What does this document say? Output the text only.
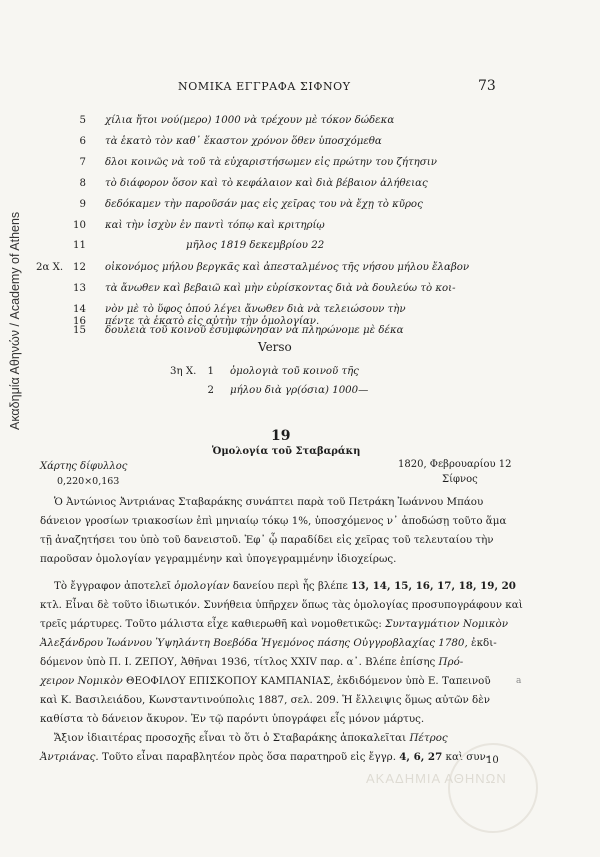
Ακαδημία Αθηνών / Academy of Athens
ΝΟΜΙΚΑ ΕΓΓΡΑΦΑ ΣΙΦΝΟΥ	73
5 χίλια ἤτοι νού(μερο) 1000 νὰ τρέχουν μὲ τόκον δώδεκα
6 τὰ ἑκατὸ τὸν καθ᾽ ἕκαστον χρόνον ὅθεν ὑποσχόμεθα
7 δλοι κοινῶς νὰ τοῦ τὰ εὐχαριστήσωμεν εἰς πρώτην του ζήτησιν
8 τὸ διάφορον ὅσον καὶ τὸ κεφάλαιον καὶ διὰ βέβαιον ἀλήθειας
9 δεδόκαμεν τὴν παροῦσάν μας εἰς χεῖρας του νὰ ἔχῃ τὸ κῦρος
10 καὶ τὴν ἰσχὺν ἐν παντὶ τόπῳ καὶ κριτηρίῳ
11	μῆλος 1819 δεκεμβρίου 22
2α Χ. 12 οἰκονόμος μήλου βεργκᾶς καὶ ἀπεσταλμένος τῆς νήσου μήλου ἔλαβον
13 τὰ ἄνωθεν καὶ βεβαιῶ καὶ μὴν εὑρίσκοντας διὰ νὰ δουλεύω τὸ κοι-
14 νὸν μὲ τὸ ὕφος ὁπού λέγει ἄνωθεν διὰ νὰ τελειώσουν τὴν
15 δουλειὰ τοῦ κοινοῦ ἐσυμφώνησαν νὰ πληρώνομε μὲ δέκα
16 πέντε τὰ ἑκατὸ εἰς αὐτὴν τὴν ὁμολογίαν.
Verso
3η Χ.	1 ὁμολογιὰ τοῦ κοινοῦ τῆς
2 μήλου διὰ γρ(όσια) 1000—
19
Ὁμολογία τοῦ Σταβαράκη
Χάρτης δίφυλλος
0,220×0,163
1820, Φεβρουαρίου 12
Σίφνος
Ὁ Ἀντώνιος Ἀντριάνας Σταβαράκης συνάπτει παρὰ τοῦ Πετράκη Ἰωάννου Μπάου
δάνειον γροσίων τριακοσίων ἐπὶ μηνιαίῳ τόκῳ 1%, ὑποσχόμενος ν᾽ ἀποδώσῃ τοῦτο ἅμα
τῇ ἀναζητήσει του ὑπὸ τοῦ δανειστοῦ. Ἐφ᾽ ᾧ παραδίδει εἰς χεῖρας τοῦ τελευταίου τὴν
παροῦσαν ὁμολογίαν γεγραμμένην καὶ ὑπογεγραμμένην ἰδιοχείρως.
Τὸ ἔγγραφον ἀποτελεῖ ὁμολογίαν δανείου περὶ ἧς βλέπε 13, 14, 15, 16, 17, 18, 19, 20
κτλ. Εἶναι δὲ τοῦτο ἰδιωτικόν. Συνήθεια ὑπῆρχεν ὅπως τὰς ὁμολογίας προσυπογράφουν καὶ
τρεῖς μάρτυρες. Τοῦτο μάλιστα εἶχε καθιερωθῆ καὶ νομοθετικῶς: Συνταγμάτιον Νομικὸν
Ἀλεξάνδρου Ἰωάννου Ὑψηλάντη Βοεβόδα Ἡγεμόνος πάσης Οὐγγροβλαχίας 1780, ἐκδι-
δόμενον ὑπὸ Π. Ι. ΖΕΠΟΥ, Ἀθῆναι 1936, τίτλος XXIV παρ. α᾽. Βλέπε ἐπίσης Πρό-
χειρον Νομικὸν ΘΕΟΦΙΛΟΥ ΕΠΙΣΚΟΠΟΥ ΚΑΜΠΑΝΙΑΣ, ἐκδιδόμενον ὑπὸ Ε. Ταπεινοῦ
καὶ Κ. Βασιλειάδου, Κωνσταντινούπολις 1887, σελ. 209. Ἡ ἔλλειψις ὅμως αὐτῶν δὲν
καθίστα τὸ δάνειον ἄκυρον. Ἐν τῷ παρόντι ὑπογράφει εἷς μόνον μάρτυς.
Ἄξιον ἰδιαιτέρας προσοχῆς εἶναι τὸ ὅτι ὁ Σταβαράκης ἀποκαλεῖται Πέτρος
Ἀντριάνας. Τοῦτο εἶναι παραβλητέον πρὸς ὅσα παρατηροῦ εἰς ἔγγρ. 4, 6, 27 καὶ συν-
ΑΚΑΔΗΜΙΑ ΑΘΗΝΩΝ
10
a
